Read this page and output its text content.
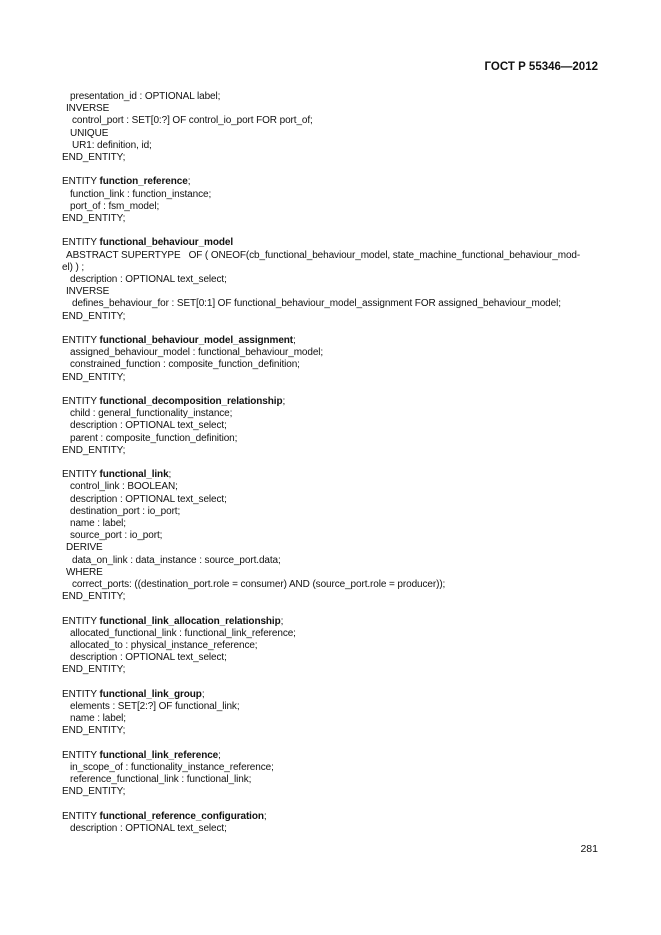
ГОСТ Р 55346—2012
presentation_id : OPTIONAL label;
INVERSE
control_port : SET[0:?] OF control_io_port FOR port_of;
UNIQUE
UR1: definition, id;
END_ENTITY;
ENTITY function_reference;
function_link : function_instance;
port_of : fsm_model;
END_ENTITY;
ENTITY functional_behaviour_model
ABSTRACT SUPERTYPE   OF ( ONEOF(cb_functional_behaviour_model, state_machine_functional_behaviour_mod-
el) ) ;
description : OPTIONAL text_select;
INVERSE
defines_behaviour_for : SET[0:1] OF functional_behaviour_model_assignment FOR assigned_behaviour_model;
END_ENTITY;
ENTITY functional_behaviour_model_assignment;
assigned_behaviour_model : functional_behaviour_model;
constrained_function : composite_function_definition;
END_ENTITY;
ENTITY functional_decomposition_relationship;
child : general_functionality_instance;
description : OPTIONAL text_select;
parent : composite_function_definition;
END_ENTITY;
ENTITY functional_link;
control_link : BOOLEAN;
description : OPTIONAL text_select;
destination_port : io_port;
name : label;
source_port : io_port;
DERIVE
data_on_link : data_instance : source_port.data;
WHERE
correct_ports: ((destination_port.role = consumer) AND (source_port.role = producer));
END_ENTITY;
ENTITY functional_link_allocation_relationship;
allocated_functional_link : functional_link_reference;
allocated_to : physical_instance_reference;
description : OPTIONAL text_select;
END_ENTITY;
ENTITY functional_link_group;
elements : SET[2:?] OF functional_link;
name : label;
END_ENTITY;
ENTITY functional_link_reference;
in_scope_of : functionality_instance_reference;
reference_functional_link : functional_link;
END_ENTITY;
ENTITY functional_reference_configuration;
description : OPTIONAL text_select;
281
